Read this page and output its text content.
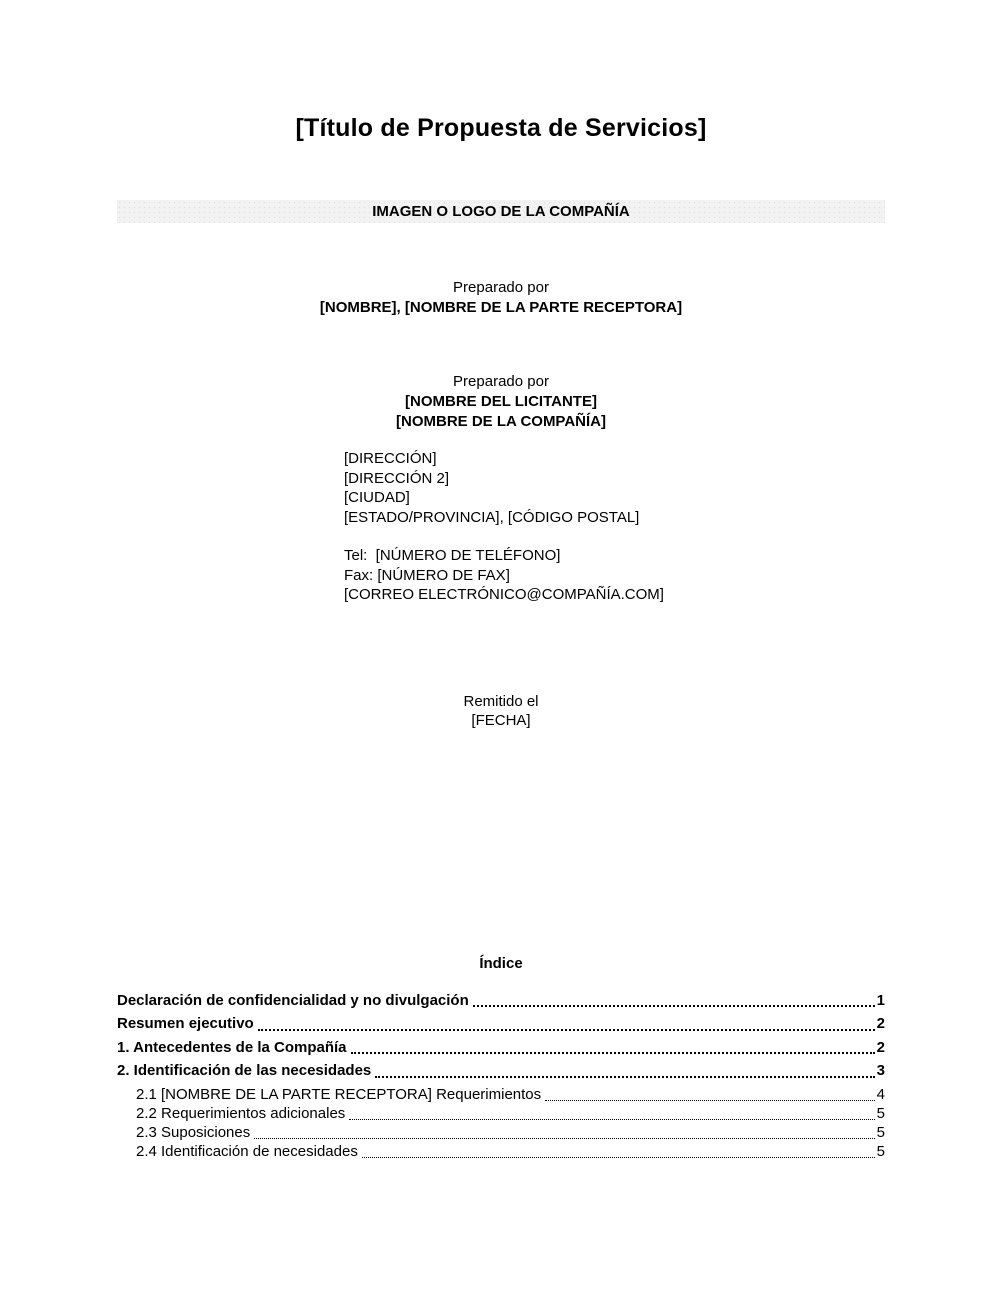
[Título de Propuesta de Servicios]
IMAGEN O LOGO DE LA COMPAÑÍA
Preparado por
[NOMBRE], [NOMBRE DE LA PARTE RECEPTORA]
Preparado por
[NOMBRE DEL LICITANTE]
[NOMBRE DE LA COMPAÑÍA]
[DIRECCIÓN]
[DIRECCIÓN 2]
[CIUDAD]
[ESTADO/PROVINCIA], [CÓDIGO POSTAL]
Tel:  [NÚMERO DE TELÉFONO]
Fax: [NÚMERO DE FAX]
[CORREO ELECTRÓNICO@COMPAÑÍA.COM]
Remitido el
[FECHA]
Índice
Declaración de confidencialidad y no divulgación	1
Resumen ejecutivo	2
1. Antecedentes de la Compañía	2
2. Identificación de las necesidades	3
2.1 [NOMBRE DE LA PARTE RECEPTORA] Requerimientos	4
2.2 Requerimientos adicionales	5
2.3 Suposiciones	5
2.4 Identificación de necesidades	5
